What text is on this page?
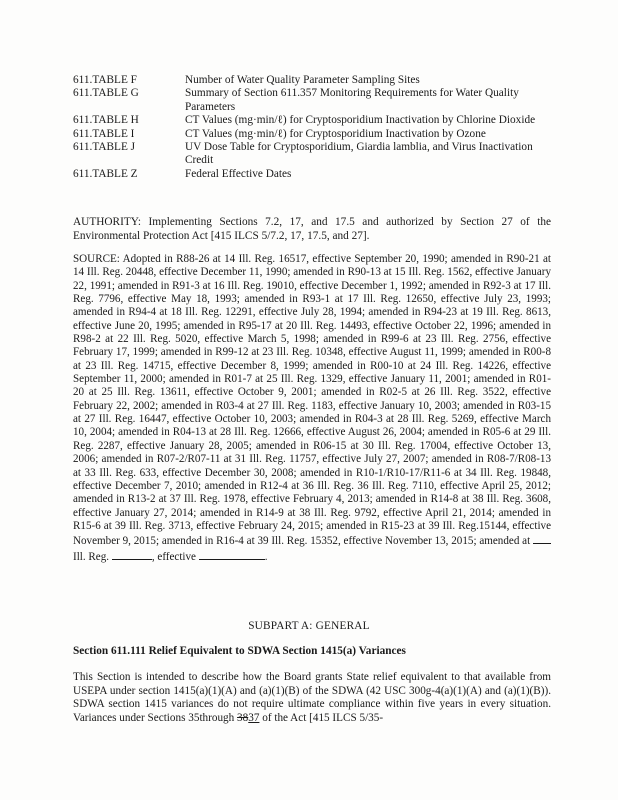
611.TABLE F	Number of Water Quality Parameter Sampling Sites
611.TABLE G	Summary of Section 611.357 Monitoring Requirements for Water Quality Parameters
611.TABLE H	CT Values (mg·min/ℓ) for Cryptosporidium Inactivation by Chlorine Dioxide
611.TABLE I	CT Values (mg·min/ℓ) for Cryptosporidium Inactivation by Ozone
611.TABLE J	UV Dose Table for Cryptosporidium, Giardia lamblia, and Virus Inactivation Credit
611.TABLE Z	Federal Effective Dates

AUTHORITY: Implementing Sections 7.2, 17, and 17.5 and authorized by Section 27 of the Environmental Protection Act [415 ILCS 5/7.2, 17, 17.5, and 27].

SOURCE: Adopted in R88-26 at 14 Ill. Reg. 16517, effective September 20, 1990; amended in R90-21 at 14 Ill. Reg. 20448, effective December 11, 1990; amended in R90-13 at 15 Ill. Reg. 1562, effective January 22, 1991; amended in R91-3 at 16 Ill. Reg. 19010, effective December 1, 1992; amended in R92-3 at 17 Ill. Reg. 7796, effective May 18, 1993; amended in R93-1 at 17 Ill. Reg. 12650, effective July 23, 1993; amended in R94-4 at 18 Ill. Reg. 12291, effective July 28, 1994; amended in R94-23 at 19 Ill. Reg. 8613, effective June 20, 1995; amended in R95-17 at 20 Ill. Reg. 14493, effective October 22, 1996; amended in R98-2 at 22 Ill. Reg. 5020, effective March 5, 1998; amended in R99-6 at 23 Ill. Reg. 2756, effective February 17, 1999; amended in R99-12 at 23 Ill. Reg. 10348, effective August 11, 1999; amended in R00-8 at 23 Ill. Reg. 14715, effective December 8, 1999; amended in R00-10 at 24 Ill. Reg. 14226, effective September 11, 2000; amended in R01-7 at 25 Ill. Reg. 1329, effective January 11, 2001; amended in R01-20 at 25 Ill. Reg. 13611, effective October 9, 2001; amended in R02-5 at 26 Ill. Reg. 3522, effective February 22, 2002; amended in R03-4 at 27 Ill. Reg. 1183, effective January 10, 2003; amended in R03-15 at 27 Ill. Reg. 16447, effective October 10, 2003; amended in R04-3 at 28 Ill. Reg. 5269, effective March 10, 2004; amended in R04-13 at 28 Ill. Reg. 12666, effective August 26, 2004; amended in R05-6 at 29 Ill. Reg. 2287, effective January 28, 2005; amended in R06-15 at 30 Ill. Reg. 17004, effective October 13, 2006; amended in R07-2/R07-11 at 31 Ill. Reg. 11757, effective July 27, 2007; amended in R08-7/R08-13 at 33 Ill. Reg. 633, effective December 30, 2008; amended in R10-1/R10-17/R11-6 at 34 Ill. Reg. 19848, effective December 7, 2010; amended in R12-4 at 36 Ill. Reg. 36 Ill. Reg. 7110, effective April 25, 2012; amended in R13-2 at 37 Ill. Reg. 1978, effective February 4, 2013; amended in R14-8 at 38 Ill. Reg. 3608, effective January 27, 2014; amended in R14-9 at 38 Ill. Reg. 9792, effective April 21, 2014; amended in R15-6 at 39 Ill. Reg. 3713, effective February 24, 2015; amended in R15-23 at 39 Ill. Reg.15144, effective November 9, 2015; amended in R16-4 at 39 Ill. Reg. 15352, effective November 13, 2015; amended at  Ill. Reg.	, effective	.

SUBPART A: GENERAL
Section 611.111 Relief Equivalent to SDWA Section 1415(a) Variances

This Section is intended to describe how the Board grants State relief equivalent to that available from USEPA under section 1415(a)(1)(A) and (a)(1)(B) of the SDWA (42 USC 300g-4(a)(1)(A) and (a)(1)(B)). SDWA section 1415 variances do not require ultimate compliance within five years in every situation. Variances under Sections 35through 3837 of the Act [415 ILCS 5/35-
